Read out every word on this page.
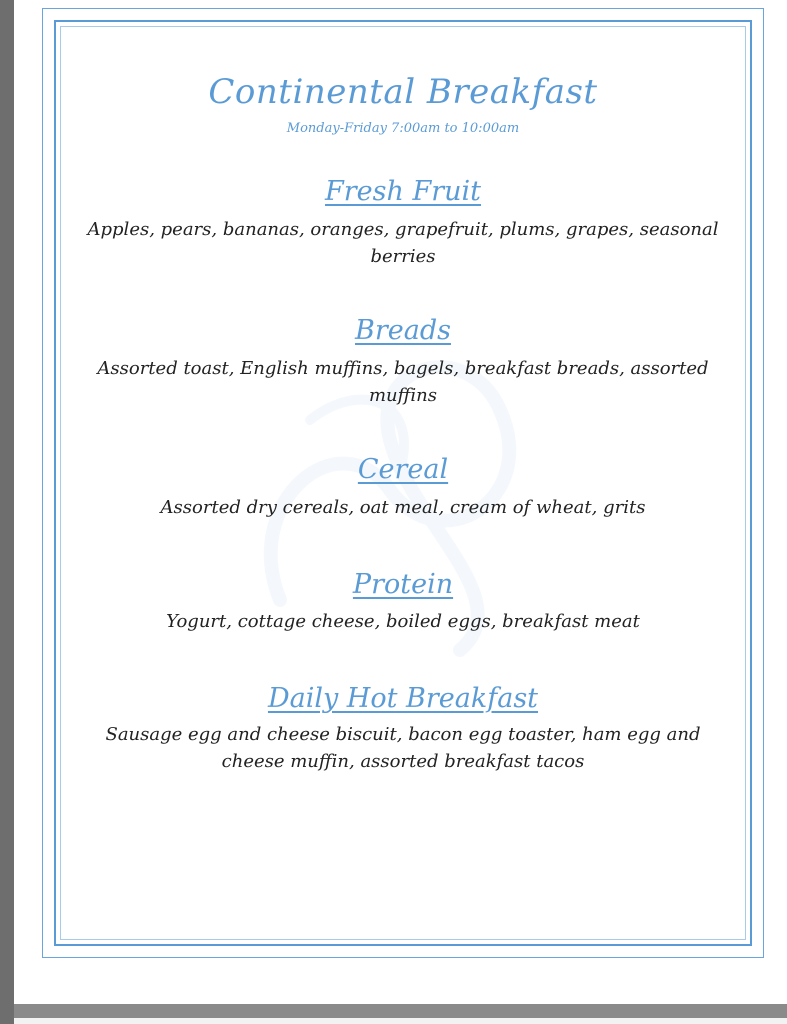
Continental Breakfast
Monday-Friday 7:00am to 10:00am
Fresh Fruit
Apples, pears, bananas, oranges, grapefruit, plums, grapes, seasonal berries
Breads
Assorted toast, English muffins, bagels, breakfast breads, assorted muffins
Cereal
Assorted dry cereals, oat meal, cream of wheat, grits
Protein
Yogurt, cottage cheese, boiled eggs, breakfast meat
Daily Hot Breakfast
Sausage egg and cheese biscuit, bacon egg toaster, ham egg and cheese muffin, assorted breakfast tacos
